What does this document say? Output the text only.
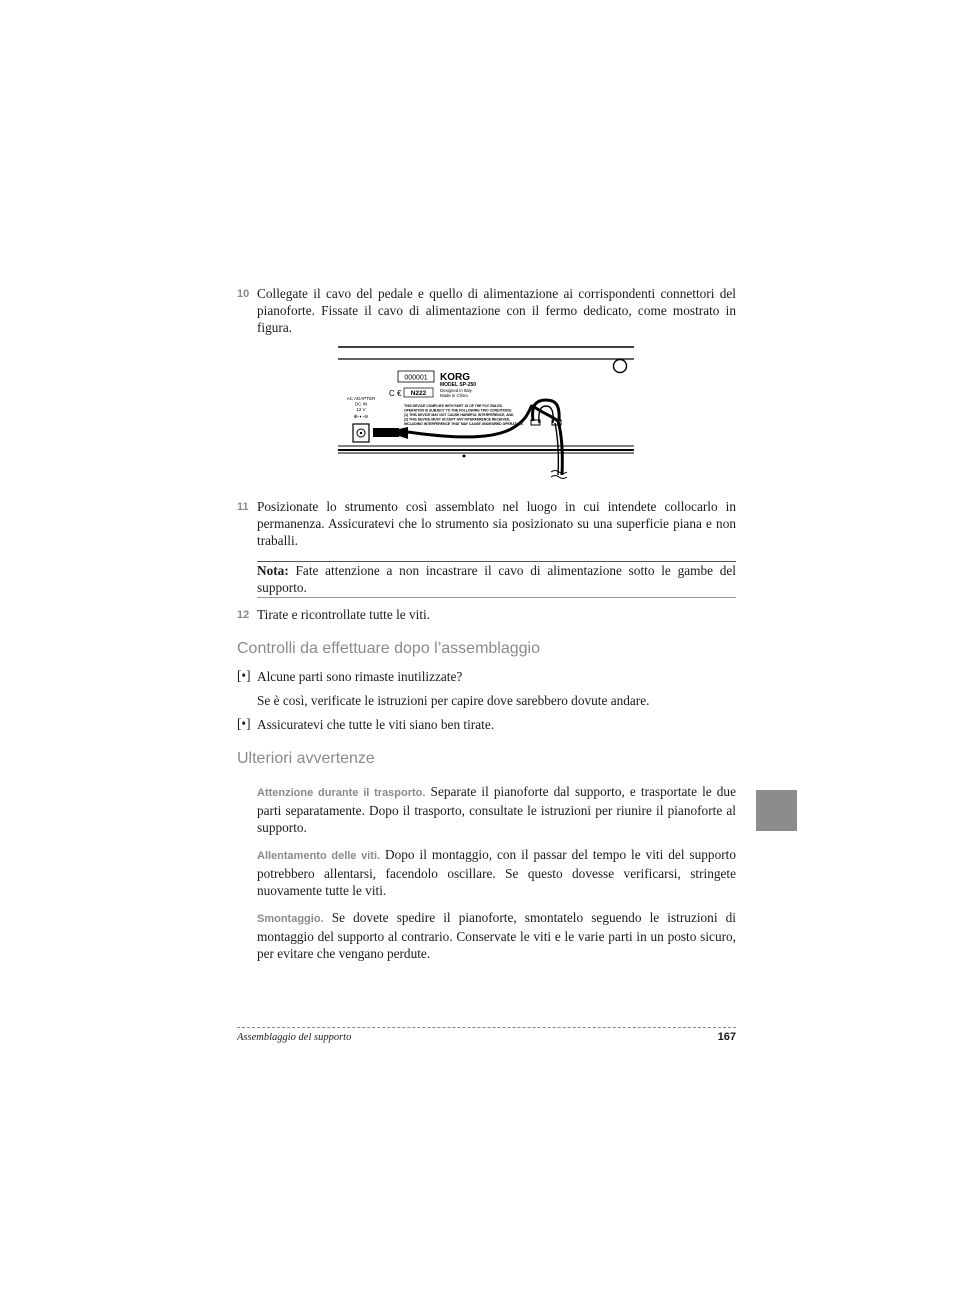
10 Collegate il cavo del pedale e quello di alimentazione ai corrispondenti connettori del pianoforte. Fissate il cavo di alimentazione con il fermo dedicato, come mostrato in figura.
000001 KORG
MODEL SP-250
Designed in Italy
Made in China
C € N222
AC ADAPTER
DC IN
12 V
⊕-◐-⊖
THIS DEVICE COMPLIES WITH PART 15 OF THE FCC RULES.
OPERATION IS SUBJECT TO THE FOLLOWING TWO CONDITIONS:
(1) THIS DEVICE MAY NOT CAUSE HARMFUL INTERFERENCE, AND
(2) THIS DEVICE MUST ACCEPT ANY INTERFERENCE RECEIVED,
INCLUDING INTERFERENCE THAT MAY CAUSE UNDESIRED OPERATION.
11 Posizionate lo strumento così assemblato nel luogo in cui intendete collocarlo in permanenza. Assicuratevi che lo strumento sia posizionato su una superficie piana e non traballi.
Nota: Fate attenzione a non incastrare il cavo di alimentazione sotto le gambe del supporto.
12 Tirate e ricontrollate tutte le viti.
Controlli da effettuare dopo l’assemblaggio
[•] Alcune parti sono rimaste inutilizzate?
Se è così, verificate le istruzioni per capire dove sarebbero dovute andare.
[•] Assicuratevi che tutte le viti siano ben tirate.
Ulteriori avvertenze
Attenzione durante il trasporto. Separate il pianoforte dal supporto, e trasportate le due parti separatamente. Dopo il trasporto, consultate le istruzioni per riunire il pianoforte al supporto.
Allentamento delle viti. Dopo il montaggio, con il passar del tempo le viti del supporto potrebbero allentarsi, facendolo oscillare. Se questo dovesse verificarsi, stringete nuovamente tutte le viti.
Smontaggio. Se dovete spedire il pianoforte, smontatelo seguendo le istruzioni di montaggio del supporto al contrario. Conservate le viti e le varie parti in un posto sicuro, per evitare che vengano perdute.
Assemblaggio del supporto	167
